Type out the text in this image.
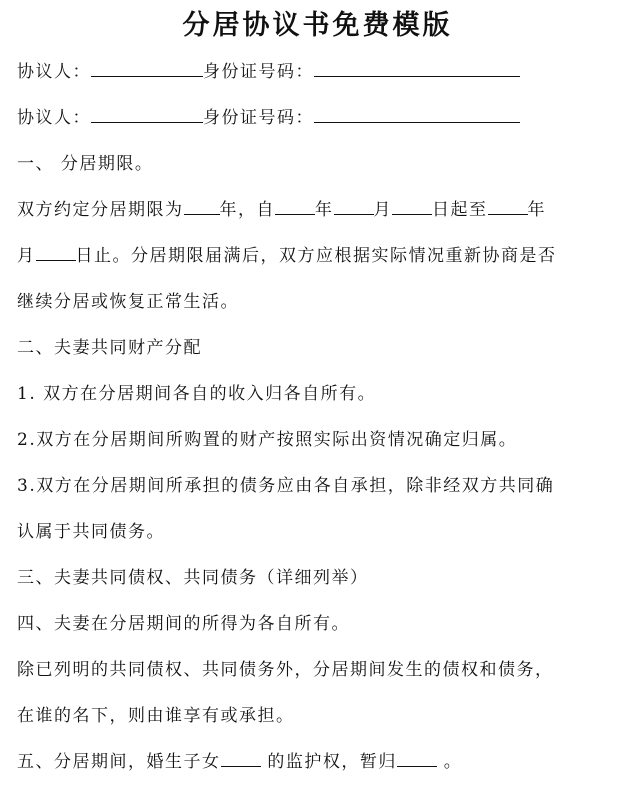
分居协议书免费模版
协议人：	身份证号码：
协议人：	身份证号码：
一、 分居期限。
双方约定分居期限为 年，自 年 月 日起至 年
月 日止。分居期限届满后，双方应根据实际情况重新协商是否
继续分居或恢复正常生活。
二、夫妻共同财产分配
1. 双方在分居期间各自的收入归各自所有。
2.双方在分居期间所购置的财产按照实际出资情况确定归属。
3.双方在分居期间所承担的债务应由各自承担，除非经双方共同确
认属于共同债务。
三、夫妻共同债权、共同债务（详细列举）
四、夫妻在分居期间的所得为各自所有。
除已列明的共同债权、共同债务外，分居期间发生的债权和债务，
在谁的名下，则由谁享有或承担。
五、分居期间，婚生子女 的监护权，暂归 。
